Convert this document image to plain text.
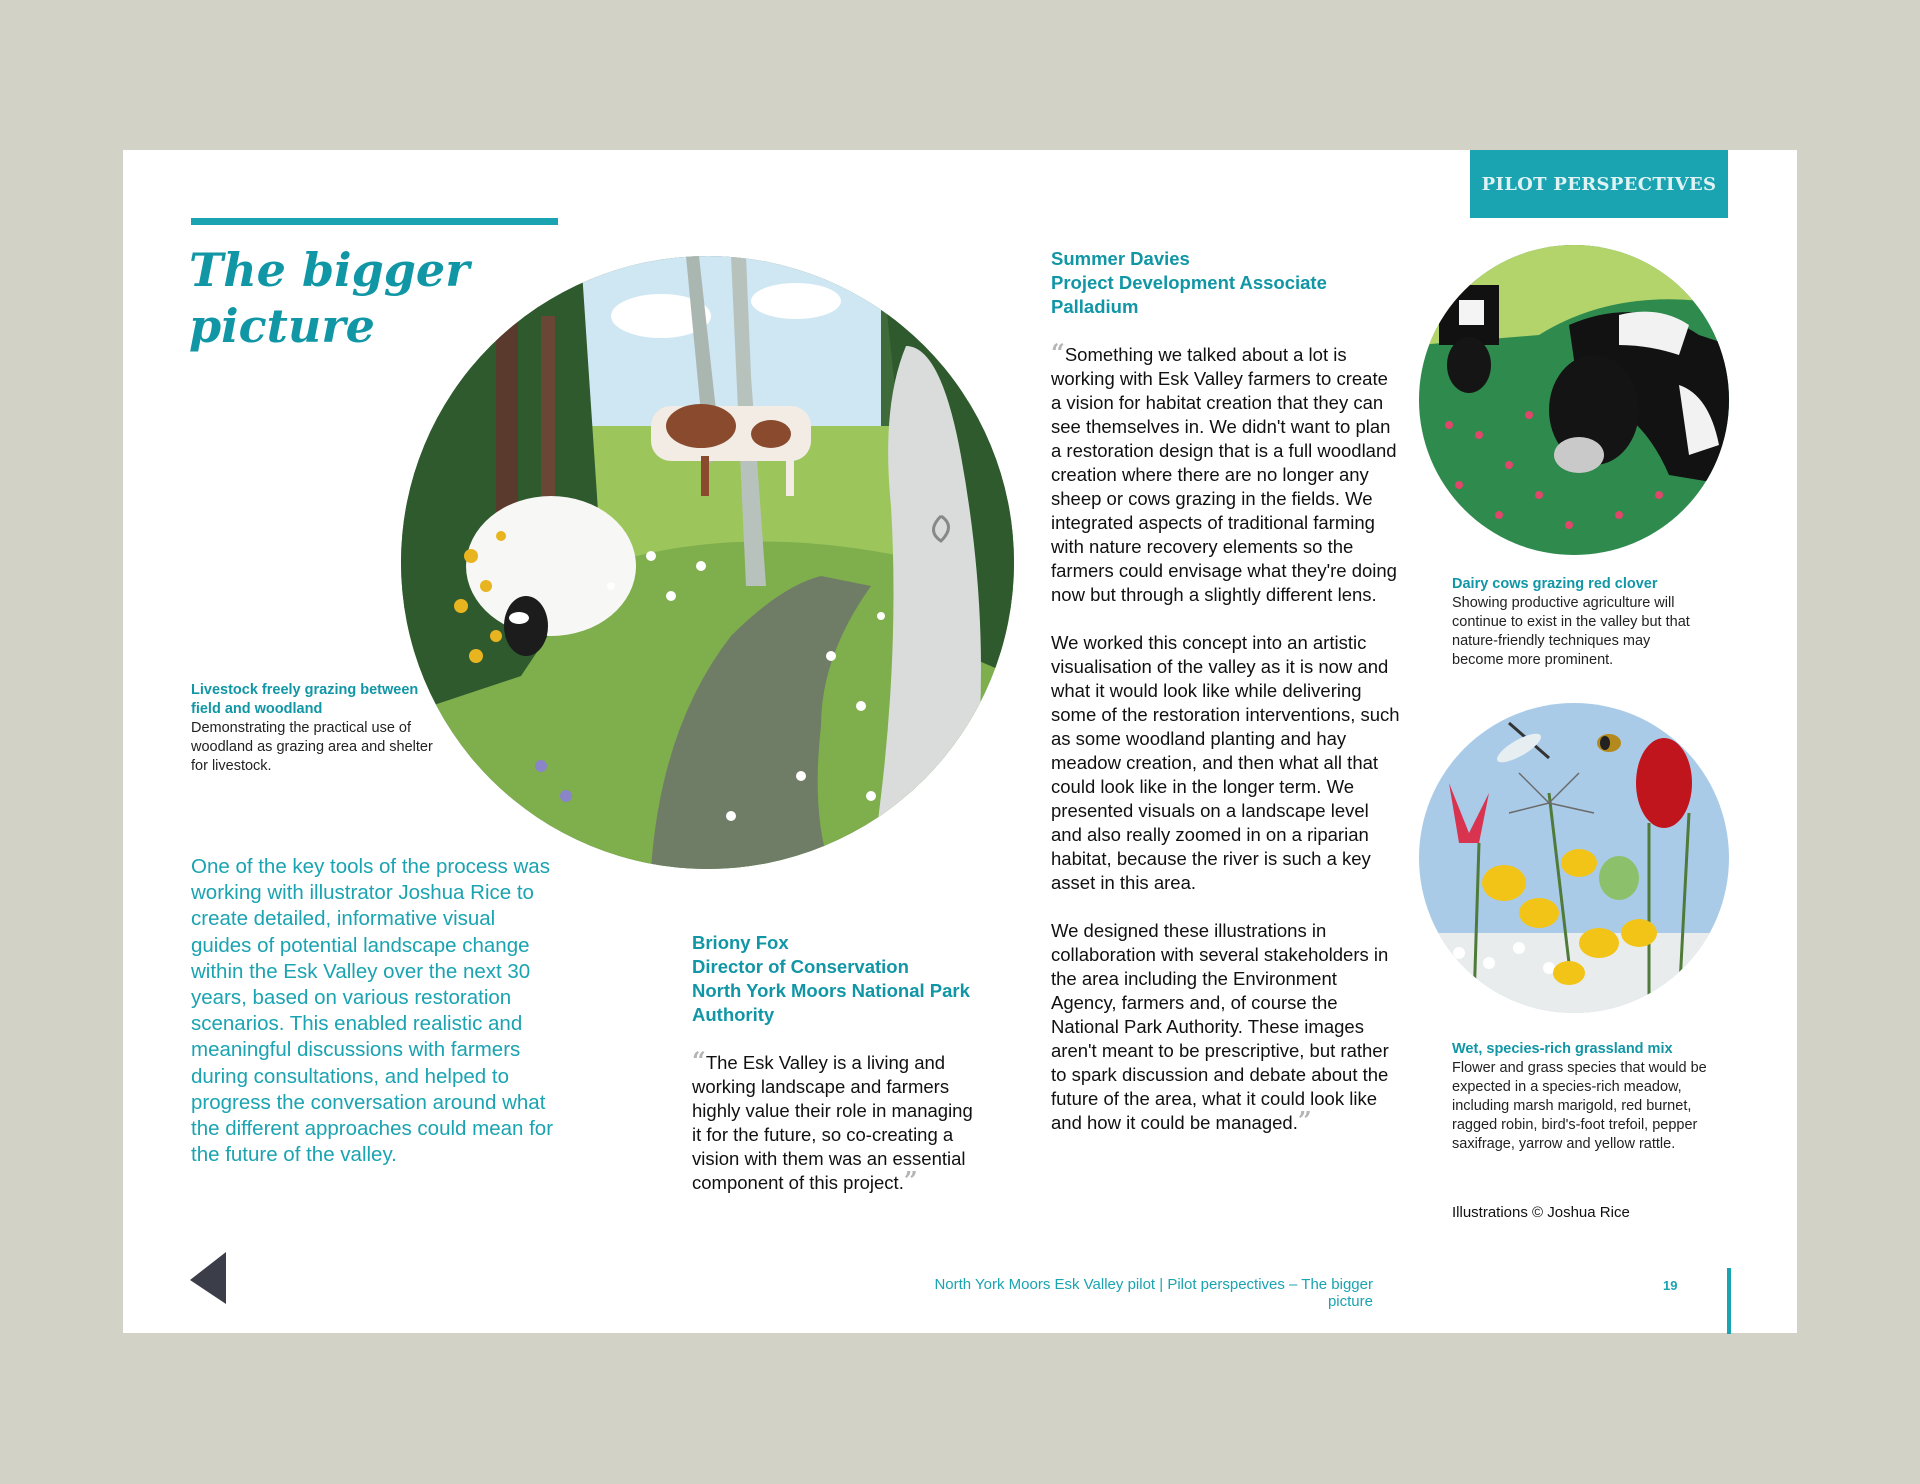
PILOT PERSPECTIVES
The bigger picture
Livestock freely grazing between field and woodland
Demonstrating the practical use of woodland as grazing area and shelter for livestock.
One of the key tools of the process was working with illustrator Joshua Rice to create detailed, informative visual guides of potential landscape change within the Esk Valley over the next 30 years, based on various restoration scenarios. This enabled realistic and meaningful discussions with farmers during consultations, and helped to progress the conversation around what the different approaches could mean for the future of the valley.
Briony Fox
Director of Conservation
North York Moors National Park Authority
“The Esk Valley is a living and working landscape and farmers highly value their role in managing it for the future, so co-creating a vision with them was an essential component of this project.”
Summer Davies
Project Development Associate
Palladium

“Something we talked about a lot is working with Esk Valley farmers to create a vision for habitat creation that they can see themselves in. We didn't want to plan a restoration design that is a full woodland creation where there are no longer any sheep or cows grazing in the fields. We integrated aspects of traditional farming with nature recovery elements so the farmers could envisage what they're doing now but through a slightly different lens.

We worked this concept into an artistic visualisation of the valley as it is now and what it would look like while delivering some of the restoration interventions, such as some woodland planting and hay meadow creation, and then what all that could look like in the longer term. We presented visuals on a landscape level and also really zoomed in on a riparian habitat, because the river is such a key asset in this area.

We designed these illustrations in collaboration with several stakeholders in the area including the Environment Agency, farmers and, of course the National Park Authority. These images aren't meant to be prescriptive, but rather to spark discussion and debate about the future of the area, what it could look like and how it could be managed.”

Dairy cows grazing red clover
Showing productive agriculture will continue to exist in the valley but that nature-friendly techniques may become more prominent.
Wet, species-rich grassland mix
Flower and grass species that would be expected in a species-rich meadow, including marsh marigold, red burnet, ragged robin, bird's-foot trefoil, pepper saxifrage, yarrow and yellow rattle.
Illustrations © Joshua Rice
North York Moors Esk Valley pilot | Pilot perspectives – The bigger picture
19
